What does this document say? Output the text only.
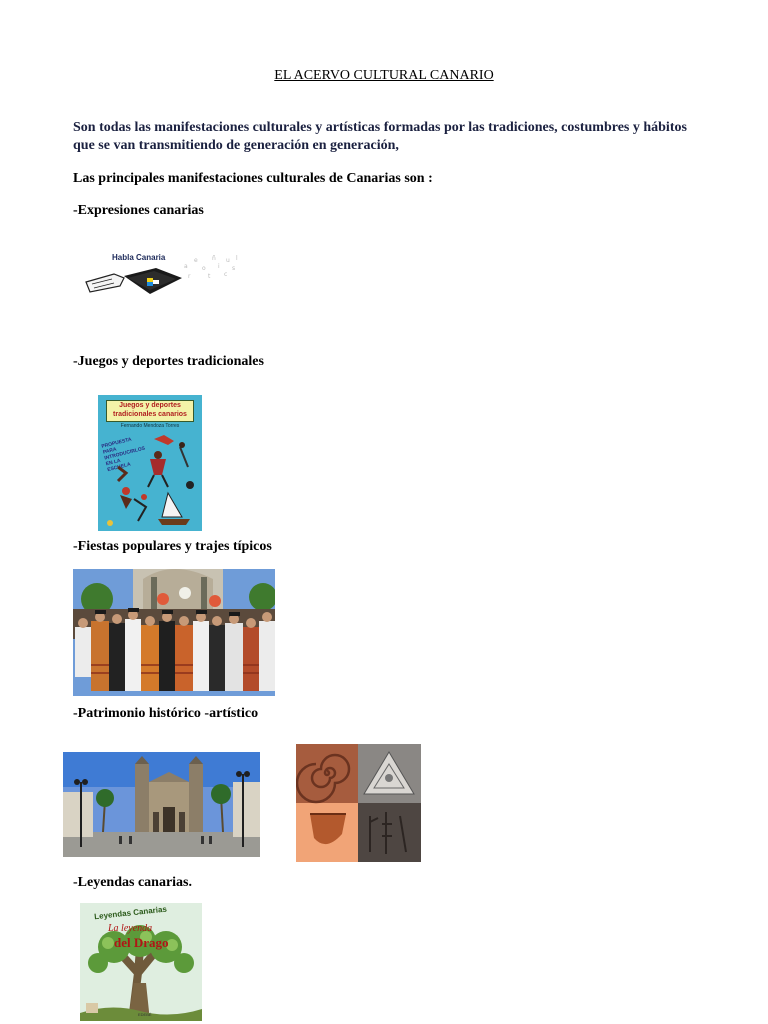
EL ACERVO CULTURAL CANARIO
Son todas las manifestaciones culturales y artísticas formadas por las tradiciones, costumbres y hábitos que se van transmitiendo de generación en generación,
Las principales manifestaciones culturales de Canarias son :
-Expresiones canarias
Habla Canaria
a
e
o
ñ
i
u
s
r	t c
l
-Juegos y deportes tradicionales
Juegos y deportes
tradicionales canarios
Fernando Mendoza Torres
PROPUESTA PARA INTRODUCIRLOS EN LA ESCUELA
-Fiestas populares y trajes típicos
-Patrimonio histórico -artístico
-Leyendas canarias.
Leyendas Canarias
La leyenda
del Drago
EDEBÉ
